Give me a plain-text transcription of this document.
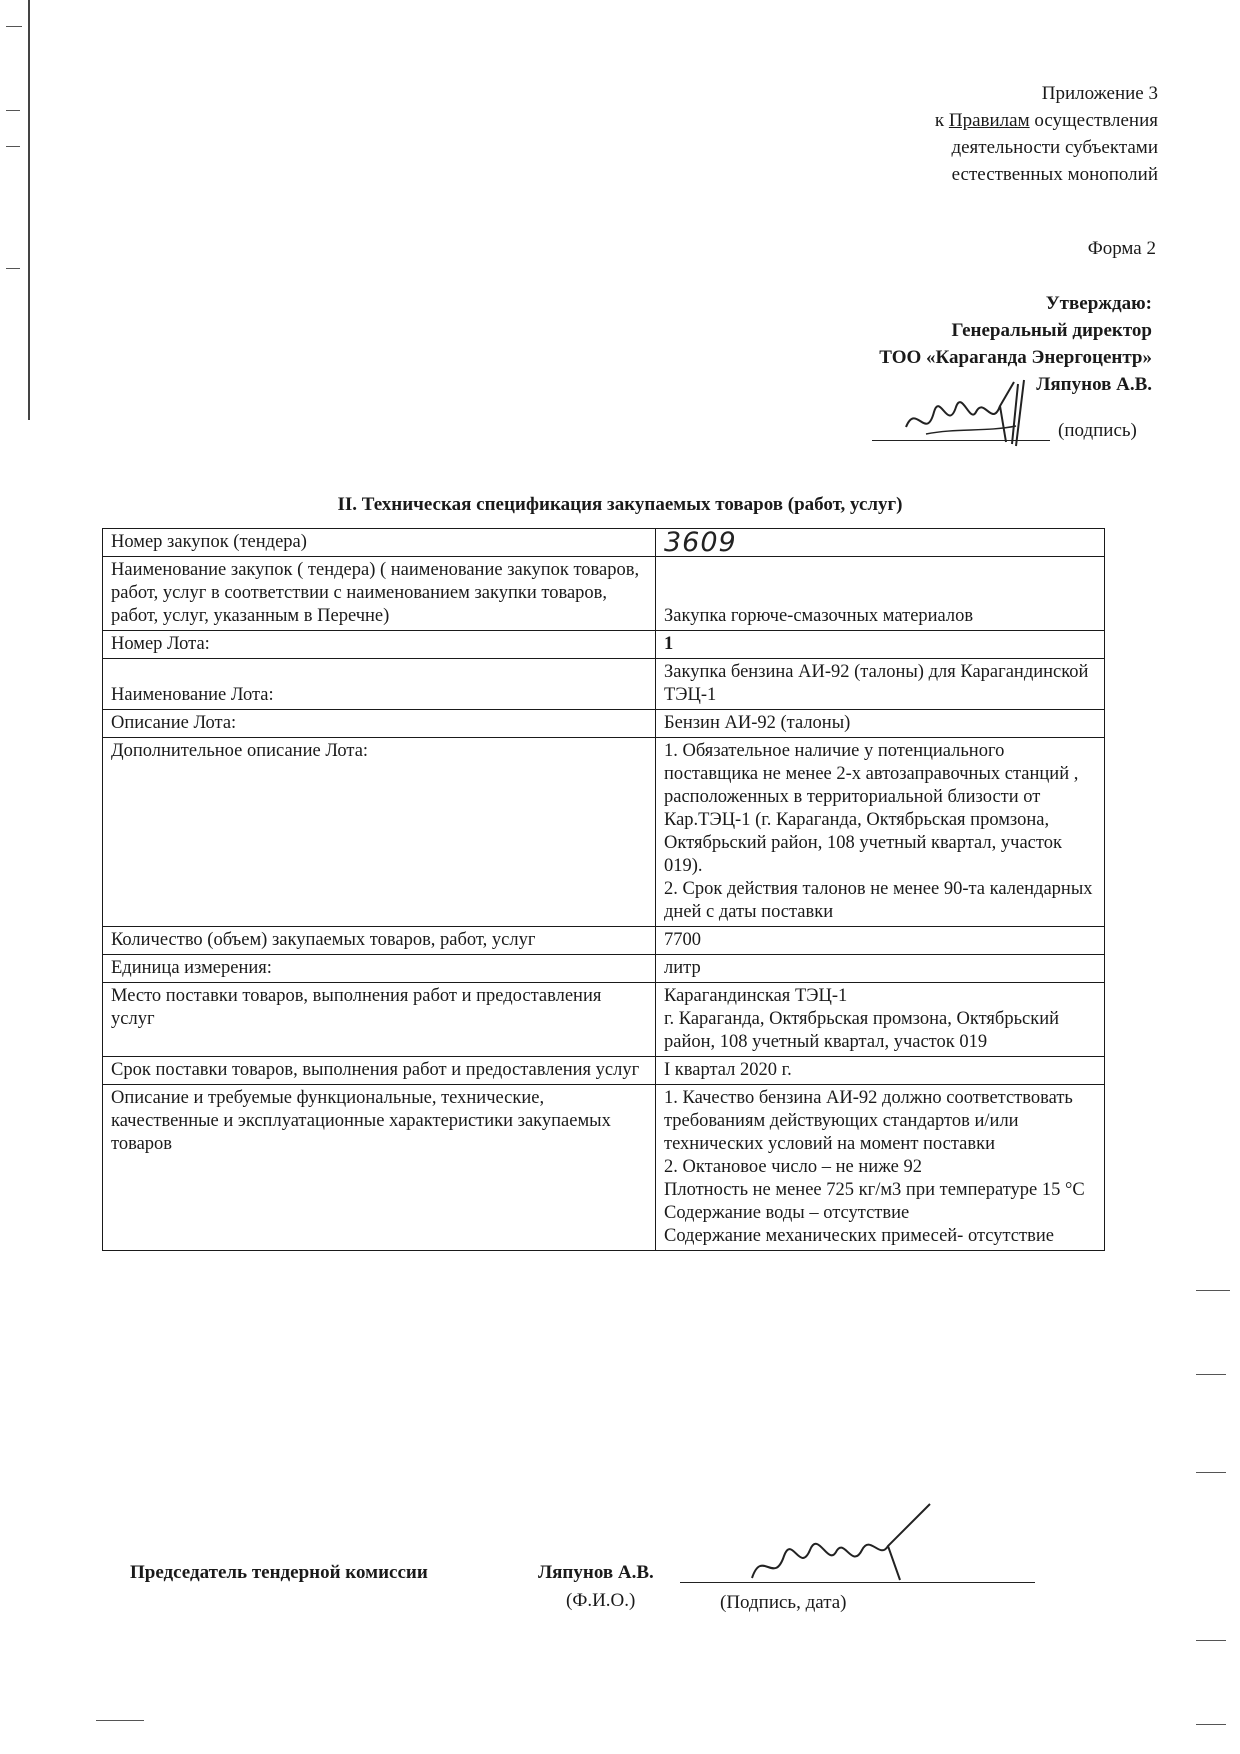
Приложение 3
к Правилам осуществления
деятельности субъектами
естественных монополий
Форма 2
Утверждаю:
Генеральный директор
ТОО «Караганда Энергоцентр»
Ляпунов А.В.
(подпись)
II. Техническая спецификация закупаемых товаров (работ, услуг)
Номер закупок (тендера)	3609
Наименование закупок ( тендера) ( наименование закупок товаров, работ, услуг в соответствии с наименованием закупки товаров, работ, услуг, указанным в Перечне)	Закупка горюче-смазочных материалов
Номер Лота:	1
Наименование Лота:	Закупка бензина АИ-92 (талоны) для Карагандинской ТЭЦ-1
Описание Лота:	Бензин АИ-92 (талоны)
Дополнительное описание Лота:	1. Обязательное наличие у потенциального поставщика не менее 2-х автозаправочных станций , расположенных в территориальной близости от Кар.ТЭЦ-1 (г. Караганда, Октябрьская промзона, Октябрьский район, 108 учетный квартал, участок 019).
2. Срок действия талонов не менее 90-та календарных дней с даты поставки
Количество (объем) закупаемых товаров, работ, услуг	7700
Единица измерения:	литр
Место поставки товаров, выполнения работ и предоставления услуг	Карагандинская ТЭЦ-1
г. Караганда, Октябрьская промзона, Октябрьский район, 108 учетный квартал, участок 019
Срок поставки товаров, выполнения работ и предоставления услуг	I квартал 2020 г.
Описание и требуемые функциональные, технические, качественные и эксплуатационные характеристики закупаемых товаров	1. Качество бензина АИ-92 должно соответствовать требованиям действующих стандартов и/или технических условий на момент поставки
2. Октановое число – не ниже 92
Плотность не менее 725 кг/м3 при температуре 15 °С
Содержание воды – отсутствие
Содержание механических примесей- отсутствие
Председатель тендерной комиссии	Ляпунов А.В.
(Ф.И.О.)	(Подпись, дата)
